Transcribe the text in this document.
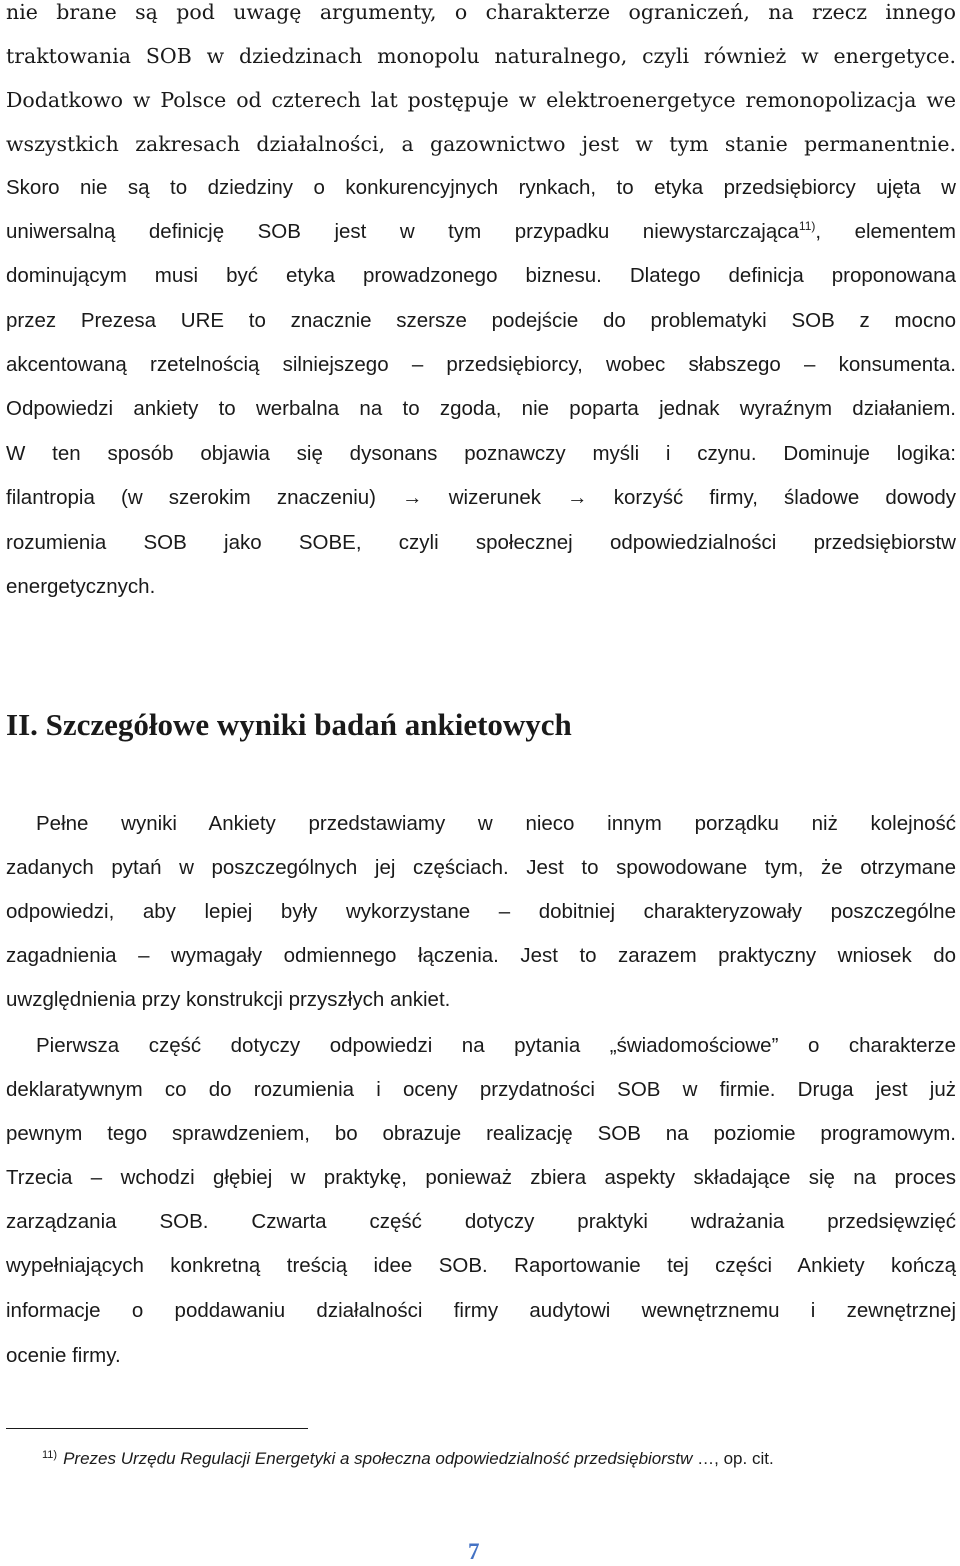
nie brane są pod uwagę argumenty, o charakterze ograniczeń, na rzecz innego
traktowania SOB w dziedzinach monopolu naturalnego, czyli również w energetyce.
Dodatkowo w Polsce od czterech lat postępuje w elektroenergetyce remonopolizacja we
wszystkich zakresach działalności, a gazownictwo jest w tym stanie permanentnie.
Skoro nie są to dziedziny o konkurencyjnych rynkach, to etyka przedsiębiorcy ujęta w
uniwersalną definicję SOB jest w tym przypadku niewystarczająca$^{11)}$, elementem
dominującym musi być etyka prowadzonego biznesu. Dlatego definicja proponowana
przez Prezesa URE to znacznie szersze podejście do problematyki SOB z mocno
akcentowaną rzetelnością silniejszego – przedsiębiorcy, wobec słabszego – konsumenta.
Odpowiedzi ankiety to werbalna na to zgoda, nie poparta jednak wyraźnym działaniem.
W ten sposób objawia się dysonans poznawczy myśli i czynu. Dominuje logika:
filantropia (w szerokim znaczeniu) → wizerunek → korzyść firmy, śladowe dowody
rozumienia SOB jako SOBE, czyli społecznej odpowiedzialności przedsiębiorstw
energetycznych.
II. Szczegółowe wyniki badań ankietowych
Pełne wyniki Ankiety przedstawiamy w nieco innym porządku niż kolejność
zadanych pytań w poszczególnych jej częściach. Jest to spowodowane tym, że otrzymane
odpowiedzi, aby lepiej były wykorzystane – dobitniej charakteryzowały poszczególne
zagadnienia – wymagały odmiennego łączenia. Jest to zarazem praktyczny wniosek do
uwzględnienia przy konstrukcji przyszłych ankiet.
Pierwsza część dotyczy odpowiedzi na pytania „świadomościowe” o charakterze
deklaratywnym co do rozumienia i oceny przydatności SOB w firmie. Druga jest już
pewnym tego sprawdzeniem, bo obrazuje realizację SOB na poziomie programowym.
Trzecia – wchodzi głębiej w praktykę, ponieważ zbiera aspekty składające się na proces
zarządzania SOB. Czwarta część dotyczy praktyki wdrażania przedsięwzięć
wypełniających konkretną treścią idee SOB. Raportowanie tej części Ankiety kończą
informacje o poddawaniu działalności firmy audytowi wewnętrznemu i zewnętrznej
ocenie firmy.
$^{11)}$ Prezes Urzędu Regulacji Energetyki a społeczna odpowiedzialność przedsiębiorstw …, op. cit.
7
